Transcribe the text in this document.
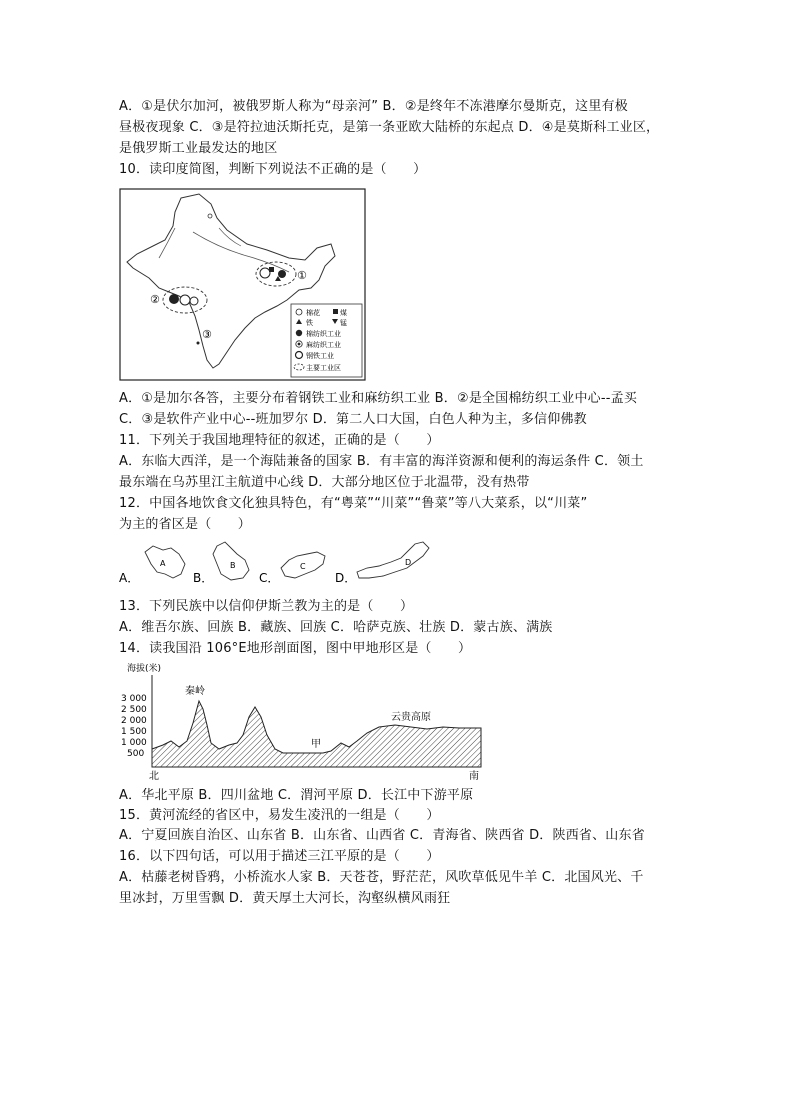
A．①是伏尔加河，被俄罗斯人称为“母亲河” B．②是终年不冻港摩尔曼斯克，这里有极
昼极夜现象 C．③是符拉迪沃斯托克，是第一条亚欧大陆桥的东起点 D．④是莫斯科工业区，
是俄罗斯工业最发达的地区
10．读印度简图，判断下列说法不正确的是（　　）
①
②
③
棉花	煤
铁	锰
棉纺织工业
麻纺织工业
钢铁工业
主要工业区
A．①是加尔各答，主要分布着钢铁工业和麻纺织工业 B．②是全国棉纺织工业中心--孟买
C．③是软件产业中心--班加罗尔 D．第二人口大国，白色人种为主，多信仰佛教
11．下列关于我国地理特征的叙述，正确的是（　　）
A．东临大西洋，是一个海陆兼备的国家 B．有丰富的海洋资源和便利的海运条件 C．领土
最东端在乌苏里江主航道中心线 D．大部分地区位于北温带，没有热带
12．中国各地饮食文化独具特色，有“粤菜”“川菜”“鲁菜”等八大菜系，以“川菜”
为主的省区是（　　）
A．
A
B．
B
C．
C
D．
D
13．下列民族中以信仰伊斯兰教为主的是（　　）
A．维吾尔族、回族 B．藏族、回族 C．哈萨克族、壮族 D．蒙古族、满族
14．读我国沿 106°E地形剖面图，图中甲地形区是（　　）
海拔(米)
3 000
2 500
2 000
1 500
1 000
500
秦岭
云贵高原
甲
北	南
A．华北平原 B．四川盆地 C．渭河平原 D．长江中下游平原
15．黄河流经的省区中，易发生凌汛的一组是（　　）
A．宁夏回族自治区、山东省 B．山东省、山西省 C．青海省、陕西省 D．陕西省、山东省
16．以下四句话，可以用于描述三江平原的是（　　）
A．枯藤老树昏鸦，小桥流水人家 B．天苍苍，野茫茫，风吹草低见牛羊 C．北国风光、千
里冰封，万里雪飘 D．黄天厚土大河长，沟壑纵横风雨狂
